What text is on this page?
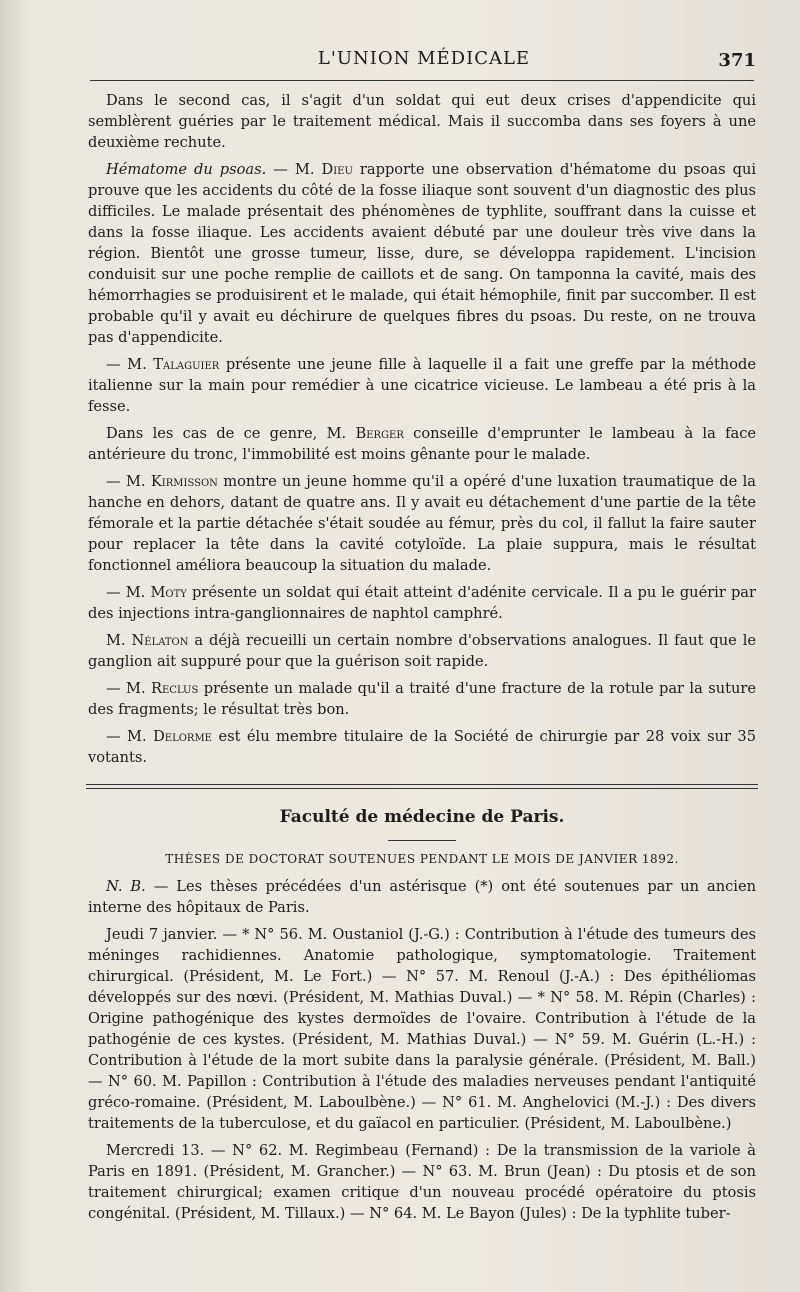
L'UNION MÉDICALE	371

Dans le second cas, il s'agit d'un soldat qui eut deux crises d'appendicite qui semblèrent guéries par le traitement médical. Mais il succomba dans ses foyers à une deuxième rechute.

Hématome du psoas. — M. Dieu rapporte une observation d'hématome du psoas qui prouve que les accidents du côté de la fosse iliaque sont souvent d'un diagnostic des plus difficiles. Le malade présentait des phénomènes de typhlite, souffrant dans la cuisse et dans la fosse iliaque. Les accidents avaient débuté par une douleur très vive dans la région. Bientôt une grosse tumeur, lisse, dure, se développa rapidement. L'incision conduisit sur une poche remplie de caillots et de sang. On tamponna la cavité, mais des hémorrhagies se produisirent et le malade, qui était hémophile, finit par succomber. Il est probable qu'il y avait eu déchirure de quelques fibres du psoas. Du reste, on ne trouva pas d'appendicite.

— M. Talaguier présente une jeune fille à laquelle il a fait une greffe par la méthode italienne sur la main pour remédier à une cicatrice vicieuse. Le lambeau a été pris à la fesse.

Dans les cas de ce genre, M. Berger conseille d'emprunter le lambeau à la face antérieure du tronc, l'immobilité est moins gênante pour le malade.

— M. Kirmisson montre un jeune homme qu'il a opéré d'une luxation traumatique de la hanche en dehors, datant de quatre ans. Il y avait eu détachement d'une partie de la tête fémorale et la partie détachée s'était soudée au fémur, près du col, il fallut la faire sauter pour replacer la tête dans la cavité cotyloïde. La plaie suppura, mais le résultat fonctionnel améliora beaucoup la situation du malade.

— M. Moty présente un soldat qui était atteint d'adénite cervicale. Il a pu le guérir par des injections intra-ganglionnaires de naphtol camphré.

M. Nélaton a déjà recueilli un certain nombre d'observations analogues. Il faut que le ganglion ait suppuré pour que la guérison soit rapide.

— M. Reclus présente un malade qu'il a traité d'une fracture de la rotule par la suture des fragments; le résultat très bon.

— M. Delorme est élu membre titulaire de la Société de chirurgie par 28 voix sur 35 votants.

Faculté de médecine de Paris.
THÈSES DE DOCTORAT SOUTENUES PENDANT LE MOIS DE JANVIER 1892.

N. B. — Les thèses précédées d'un astérisque (*) ont été soutenues par un ancien interne des hôpitaux de Paris.

Jeudi 7 janvier. — * N° 56. M. Oustaniol (J.-G.) : Contribution à l'étude des tumeurs des méninges rachidiennes. Anatomie pathologique, symptomatologie. Traitement chirurgical. (Président, M. Le Fort.) — N° 57. M. Renoul (J.-A.) : Des épithéliomas développés sur des nœvi. (Président, M. Mathias Duval.) — * N° 58. M. Répin (Charles) : Origine pathogénique des kystes dermoïdes de l'ovaire. Contribution à l'étude de la pathogénie de ces kystes. (Président, M. Mathias Duval.) — N° 59. M. Guérin (L.-H.) : Contribution à l'étude de la mort subite dans la paralysie générale. (Président, M. Ball.) — N° 60. M. Papillon : Contribution à l'étude des maladies nerveuses pendant l'antiquité gréco-romaine. (Président, M. Laboulbène.) — N° 61. M. Anghelovici (M.-J.) : Des divers traitements de la tuberculose, et du gaïacol en particulier. (Président, M. Laboulbène.)

Mercredi 13. — N° 62. M. Regimbeau (Fernand) : De la transmission de la variole à Paris en 1891. (Président, M. Grancher.) — N° 63. M. Brun (Jean) : Du ptosis et de son traitement chirurgical; examen critique d'un nouveau procédé opératoire du ptosis congénital. (Président, M. Tillaux.) — N° 64. M. Le Bayon (Jules) : De la typhlite tuber-
